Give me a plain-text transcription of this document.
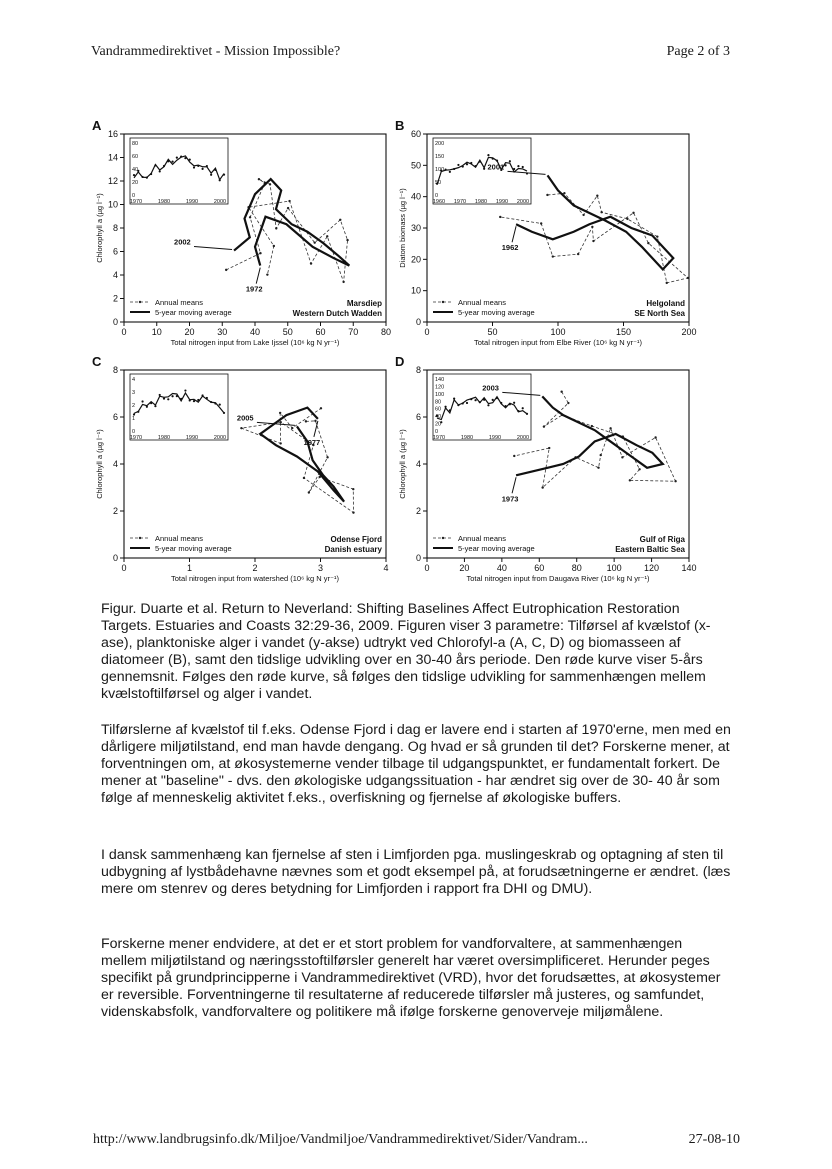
Vandrammedirektivet - Mission Impossible?	Page 2 of 3
A
0
2
4
6
8
10
12
14
16
0	10	20	30	40	50	60	70	80
Total nitrogen input from Lake Ijssel (10⁶ kg N yr⁻¹)
Chlorophyll a (µg l⁻¹)	1970	1980	1990	2000
0
20
40
60
80
2002
1972
Annual means
5-year moving average
Marsdiep
Western Dutch Wadden
B
0
10
20
30
40
50
60
0	50	100	150	200
Total nitrogen input from Elbe River (10⁶ kg N yr⁻¹)
Diatom biomass (µg l⁻¹)	1960 1970 1980 1990 2000
0
50
100
150
200
2001
1962
Annual means
5-year moving average
Helgoland
SE North Sea
C
0
2
4
6
8
0	1	2	3	4
Total nitrogen input from watershed (10⁶ kg N yr⁻¹)
Chlorophyll a (µg l⁻¹)	1970	1980	1990	2000
0
1
2
3
4
2005
1977
Annual means
5-year moving average
Odense Fjord
Danish estuary
D
0
2
4
6
8
0	20	40	60	80	100 120 140
Total nitrogen input from Daugava River (10⁶ kg N yr⁻¹)
Chlorophyll a (µg l⁻¹)	1970	1980	1990	2000
0
20
40
60
80
100
120
140
2003
1973
Annual means
5-year moving average
Gulf of Riga
Eastern Baltic Sea

Figur. Duarte et al. Return to Neverland: Shifting Baselines Affect Eutrophication Restoration Targets. Estuaries and Coasts 32:29-36, 2009. Figuren viser 3 parametre: Tilførsel af kvælstof (x-ase), planktoniske alger i vandet (y-akse) udtrykt ved Chlorofyl-a (A, C, D) og biomasseen af diatomeer (B), samt den tidslige udvikling over en 30-40 års periode. Den røde kurve viser 5-års gennemsnit. Følges den røde kurve, så følges den tidslige udvikling for sammenhængen mellem kvælstoftilførsel og alger i vandet.

Tilførslerne af kvælstof til f.eks. Odense Fjord i dag er lavere end i starten af 1970'erne, men med en dårligere miljøtilstand, end man havde dengang. Og hvad er så grunden til det? Forskerne mener, at forventningen om, at økosystemerne vender tilbage til udgangspunktet, er fundamentalt forkert. De mener at "baseline" - dvs. den økologiske udgangssituation - har ændret sig over de 30- 40 år som følge af menneskelig aktivitet f.eks., overfiskning og fjernelse af økologiske buffers.

I dansk sammenhæng kan fjernelse af sten i Limfjorden pga. muslingeskrab og optagning af sten til udbygning af lystbådehavne nævnes som et godt eksempel på, at forudsætningerne er ændret. (læs mere om stenrev og deres betydning for Limfjorden i rapport fra DHI og DMU).

Forskerne mener endvidere, at det er et stort problem for vandforvaltere, at sammenhængen mellem miljøtilstand og næringsstoftilførsler generelt har været oversimplificeret. Herunder peges specifikt på grundprincipperne i Vandrammedirektivet (VRD), hvor det forudsættes, at økosystemer er reversible. Forventningerne til resultaterne af reducerede tilførsler må justeres, og samfundet, videnskabsfolk, vandforvaltere og politikere må ifølge forskerne genoverveje miljømålene.

http://www.landbrugsinfo.dk/Miljoe/Vandmiljoe/Vandrammedirektivet/Sider/Vandram...	27-08-10
